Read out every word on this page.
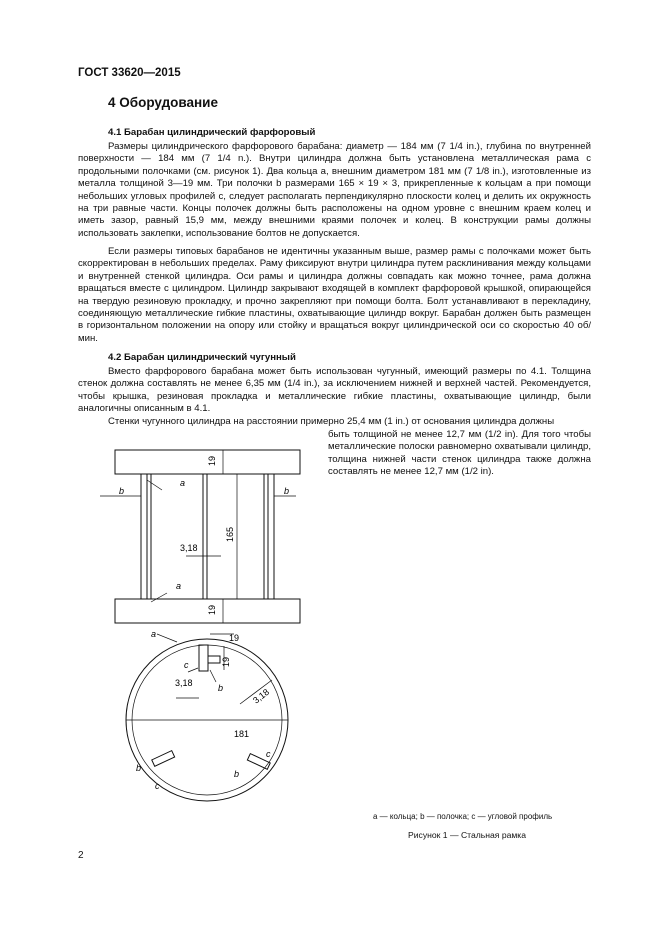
ГОСТ 33620—2015
4 Оборудование
4.1 Барабан цилиндрический фарфоровый

Размеры цилиндрического фарфорового барабана: диаметр — 184 мм (7 1/4 in.), глубина по внутренней поверхности — 184 мм (7 1/4 n.). Внутри цилиндра должна быть установлена металлическая рама с продольными полочками (см. рисунок 1). Два кольца a, внешним диаметром 181 мм (7 1/8 in.), изготовленные из металла толщиной 3—19 мм. Три полочки b размерами 165 × 19 × 3, прикрепленные к кольцам a при помощи небольших угловых профилей c, следует располагать перпендикулярно плоскости колец и делить их окружность на три равные части. Концы полочек должны быть расположены на одном уровне с внешним краем колец и иметь зазор, равный 15,9 мм, между внешними краями полочек и колец. В конструкции рамы должны использовать заклепки, использование болтов не допускается.

Если размеры типовых барабанов не идентичны указанным выше, размер рамы с полочками может быть скорректирован в небольших пределах. Раму фиксируют внутри цилиндра путем расклинивания между кольцами и внутренней стенкой цилиндра. Оси рамы и цилиндра должны совпадать как можно точнее, рама должна вращаться вместе с цилиндром. Цилиндр закрывают входящей в комплект фарфоровой крышкой, опирающейся на твердую резиновую прокладку, и прочно закрепляют при помощи болта. Болт устанавливают в перекладину, соединяющую металлические гибкие пластины, охватывающие цилиндр вокруг. Барабан должен быть размещен в горизонтальном положении на опору или стойку и вращаться вокруг цилиндрической оси со скоростью 40 об/мин.

4.2 Барабан цилиндрический чугунный

Вместо фарфорового барабана может быть использован чугунный, имеющий размеры по 4.1. Толщина стенок должна составлять не менее 6,35 мм (1/4 in.), за исключением нижней и верхней частей. Рекомендуется, чтобы крышка, резиновая прокладка и металлические гибкие пластины, охватывающие цилиндр, были аналогичны описанным в 4.1.

Стенки чугунного цилиндра на расстоянии примерно 25,4 мм (1 in.) от основания цилиндра должны

быть толщиной не менее 12,7 мм (1/2 in). Для того чтобы металлические полоски равномерно охватывали цилиндр, толщина нижней части стенок цилиндра также должна составлять не менее 12,7 мм (1/2 in).

19
165
19
3,18
b	b
a
a
a	19
19
c
3,18	b	3,18
181
b
c
c
b
a — кольца; b — полочка; c — угловой профиль
Рисунок 1 — Стальная рамка
2
